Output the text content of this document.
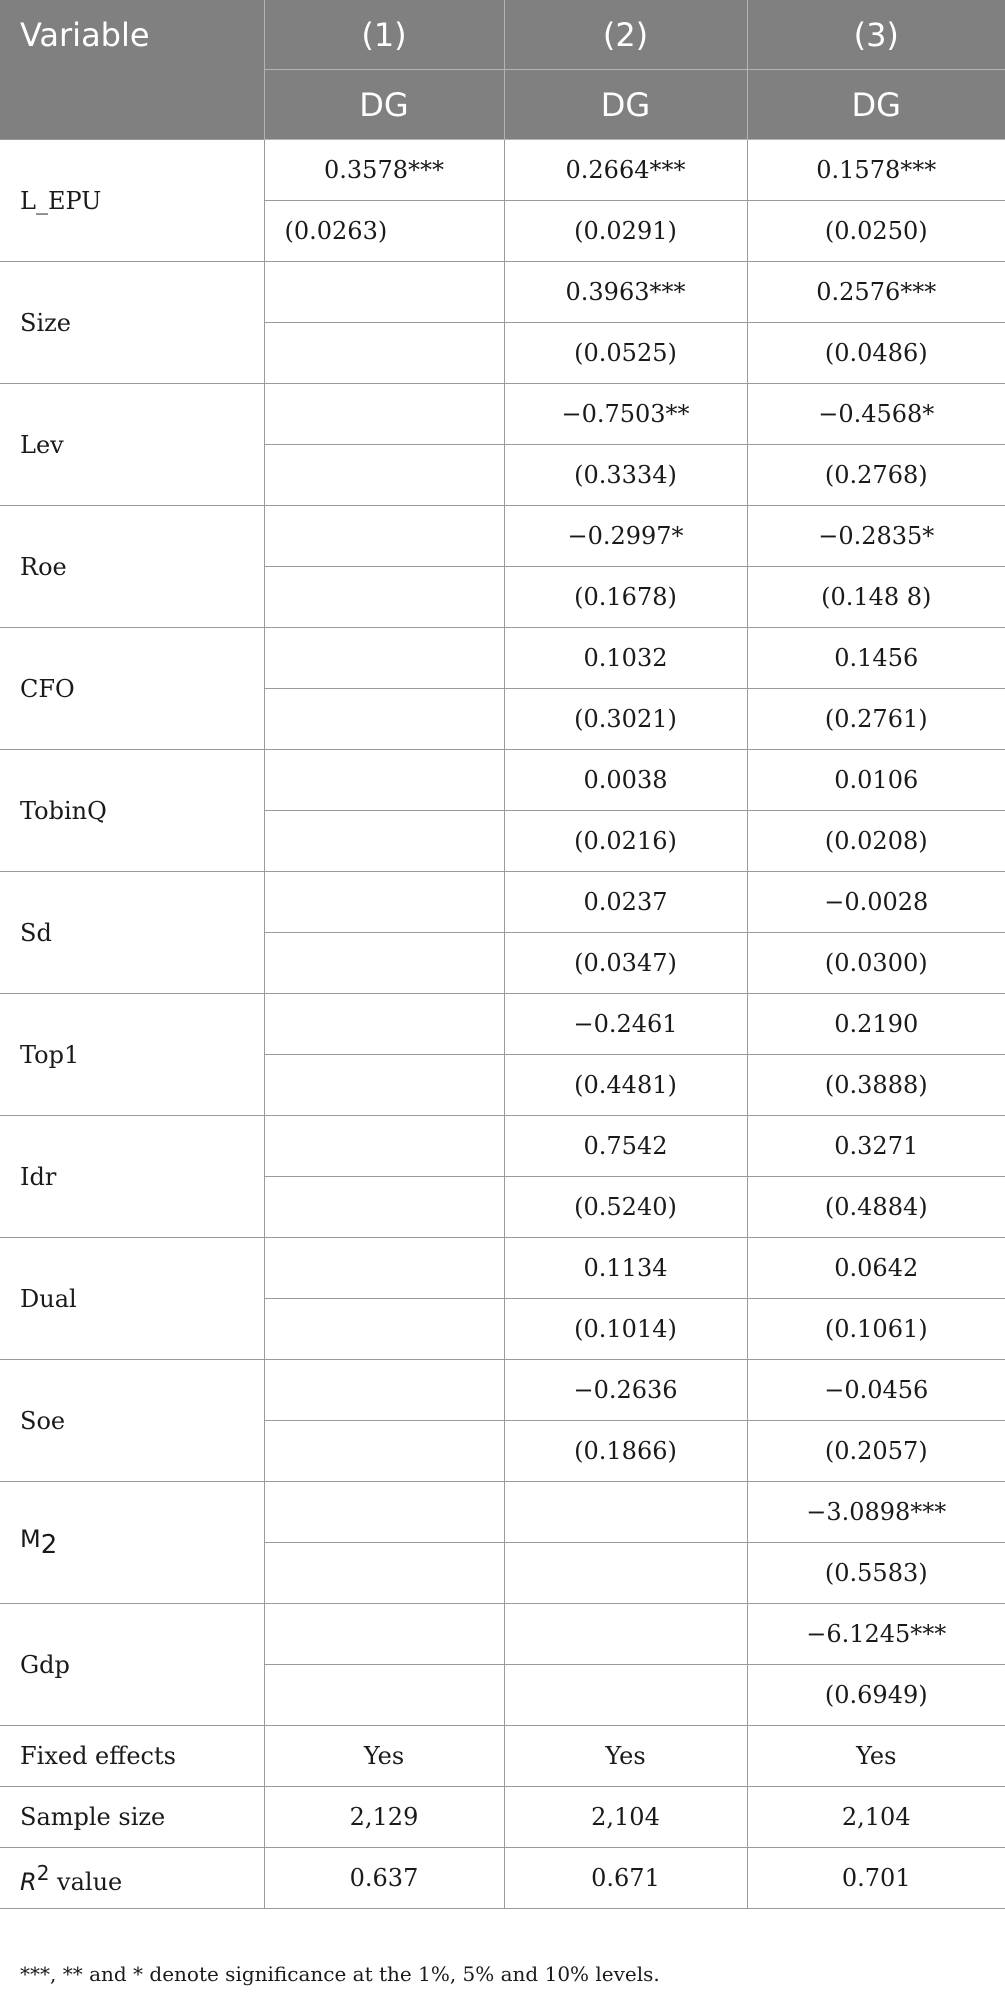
Variable	(1)	(2)	(3)
	DG	DG	DG
L_EPU	0.3578***	0.2664***	0.1578***
	(0.0263)	(0.0291)	(0.0250)
Size		0.3963***	0.2576***
		(0.0525)	(0.0486)
Lev		−0.7503**	−0.4568*
		(0.3334)	(0.2768)
Roe		−0.2997*	−0.2835*
		(0.1678)	(0.148 8)
CFO		0.1032	0.1456
		(0.3021)	(0.2761)
TobinQ		0.0038	0.0106
		(0.0216)	(0.0208)
Sd		0.0237	−0.0028
		(0.0347)	(0.0300)
Top1		−0.2461	0.2190
		(0.4481)	(0.3888)
Idr		0.7542	0.3271
		(0.5240)	(0.4884)
Dual		0.1134	0.0642
		(0.1014)	(0.1061)
Soe		−0.2636	−0.0456
		(0.1866)	(0.2057)
$M_2$			−3.0898***
			(0.5583)
Gdp			−6.1245***
			(0.6949)
Fixed effects	Yes	Yes	Yes
Sample size	2,129	2,104	2,104
$R^2$ value	0.637	0.671	0.701
***, ** and * denote significance at the 1%, 5% and 10% levels.
